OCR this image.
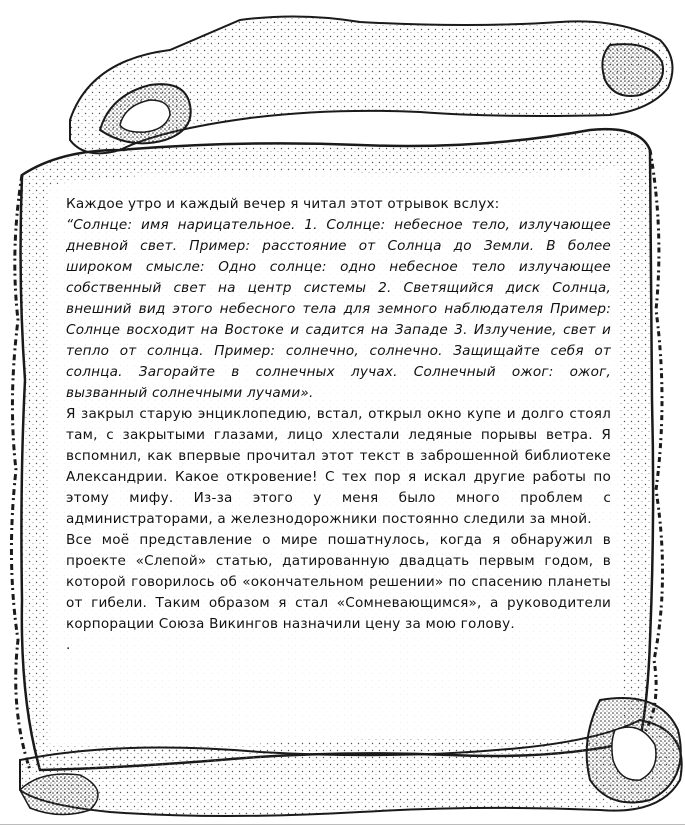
Каждое утро и каждый вечер я читал этот отрывок вслух:

“Солнце: имя нарицательное. 1. Солнце: небесное тело, излучающее дневной свет. Пример: расстояние от Солнца до Земли. В более широком смысле: Одно солнце: одно небесное тело излучающее собственный свет на центр системы 2. Светящийся диск Солнца, внешний вид этого небесного тела для земного наблюдателя Пример: Солнце восходит на Востоке и садится на Западе 3. Излучение, свет и тепло от солнца. Пример: солнечно, солнечно. Защищайте себя от солнца. Загорайте в солнечных лучах. Солнечный ожог: ожог, вызванный солнечными лучами».

Я закрыл старую энциклопедию, встал, открыл окно купе и долго стоял там, с закрытыми глазами, лицо хлестали ледяные порывы ветра. Я вспомнил, как впервые прочитал этот текст в заброшенной библиотеке Александрии. Какое откровение! С тех пор я искал другие работы по этому мифу. Из-за этого у меня было много проблем с администраторами, а железнодорожники постоянно следили за мной.

Все моё представление о мире пошатнулось, когда я обнаружил в проекте «Слепой» статью, датированную двадцать первым годом, в которой говорилось об «окончательном решении» по спасению планеты от гибели. Таким образом я стал «Сомневающимся», а руководители корпорации Союза Викингов назначили цену за мою голову.

.
